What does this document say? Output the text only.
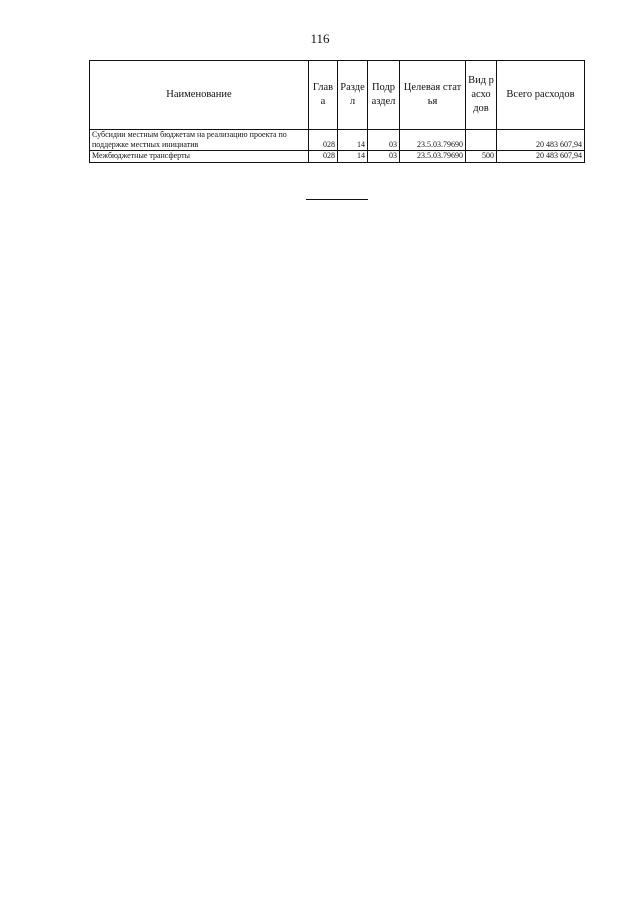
116
Наименование	Глава	Разде л	Подр аздел	Целевая статья	Вид расхо дов	Всего расходов
Субсидии местным бюджетам на реализацию проекта по поддержке местных инициатив	028	14	03	23.5.03.79690		20 483 607,94
Межбюджетные трансферты	028	14	03	23.5.03.79690	500	20 483 607,94
